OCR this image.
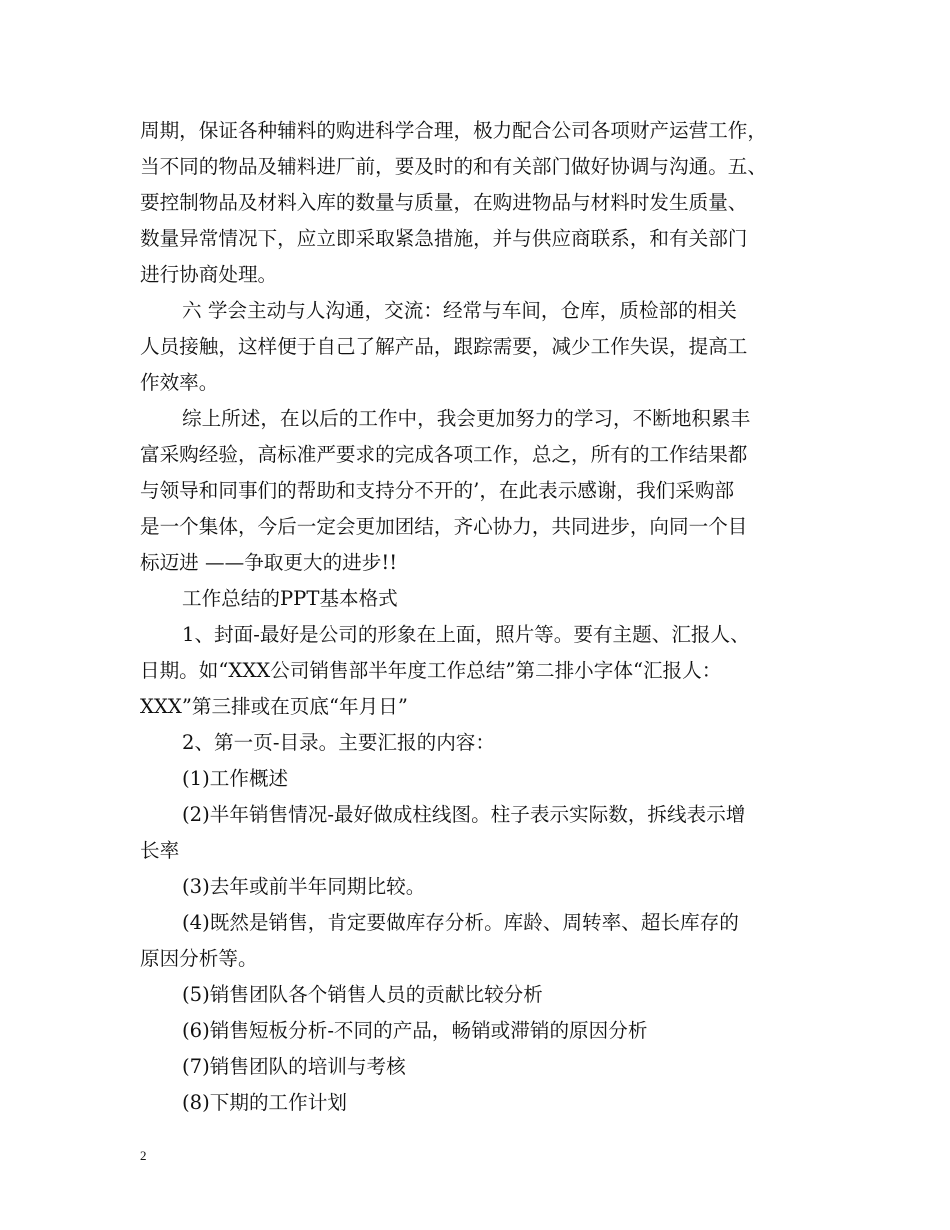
周期，保证各种辅料的购进科学合理，极力配合公司各项财产运营工作，
当不同的物品及辅料进厂前，要及时的和有关部门做好协调与沟通。五、
要控制物品及材料入库的数量与质量，在购进物品与材料时发生质量、
数量异常情况下，应立即采取紧急措施，并与供应商联系，和有关部门
进行协商处理。
六 学会主动与人沟通，交流：经常与车间，仓库，质检部的相关
人员接触，这样便于自己了解产品，跟踪需要，减少工作失误，提高工
作效率。
综上所述，在以后的工作中，我会更加努力的学习，不断地积累丰
富采购经验，高标准严要求的完成各项工作，总之，所有的工作结果都
与领导和同事们的帮助和支持分不开的’，在此表示感谢，我们采购部
是一个集体，今后一定会更加团结，齐心协力，共同进步，向同一个目
标迈进 ——争取更大的进步!!
工作总结的PPT基本格式
1、封面-最好是公司的形象在上面，照片等。要有主题、汇报人、
日期。如“XXX公司销售部半年度工作总结”第二排小字体“汇报人：
XXX”第三排或在页底“年月日”
2、第一页-目录。主要汇报的内容：
(1)工作概述
(2)半年销售情况-最好做成柱线图。柱子表示实际数，拆线表示增
长率
(3)去年或前半年同期比较。
(4)既然是销售，肯定要做库存分析。库龄、周转率、超长库存的
原因分析等。
(5)销售团队各个销售人员的贡献比较分析
(6)销售短板分析-不同的产品，畅销或滞销的原因分析
(7)销售团队的培训与考核
(8)下期的工作计划
2
